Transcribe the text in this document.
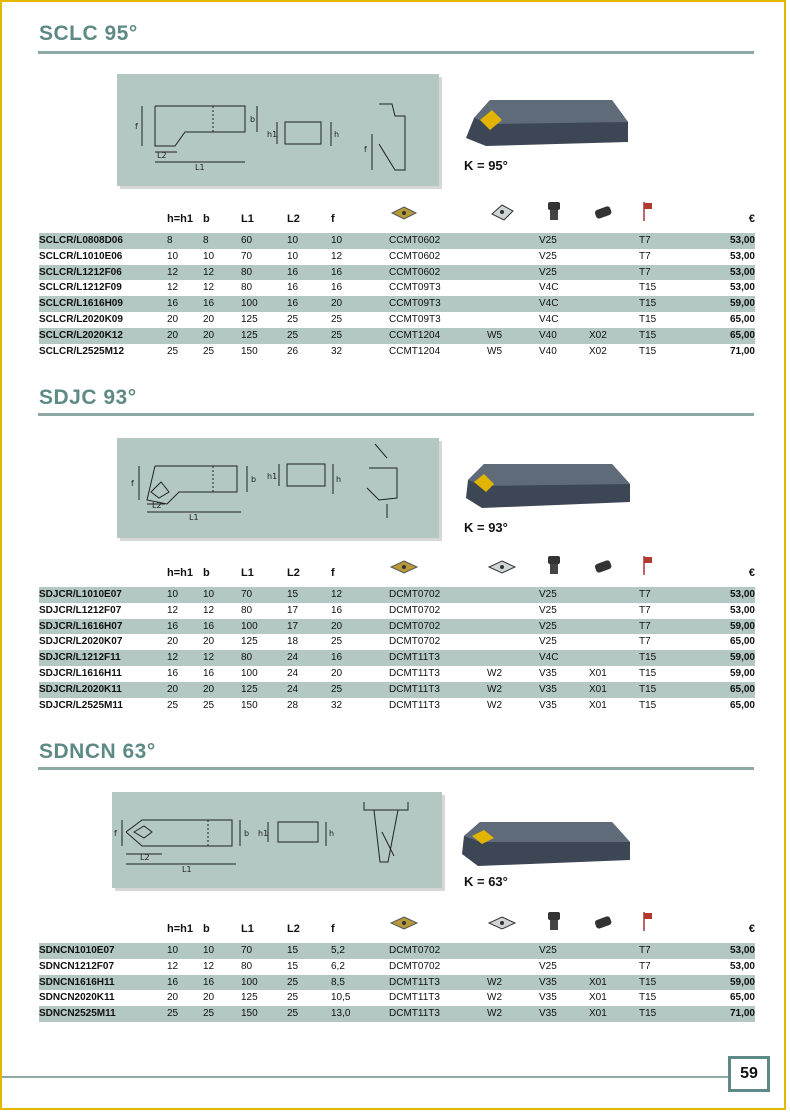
SCLC 95°
f
L2
L1
b
h1	h
f
K = 95°
	h=h1	b	L1	L2	f						€
SCLCR/L0808D06	8	8	60	10	10	CCMT0602		V25		T7	53,00
SCLCR/L1010E06	10	10	70	10	12	CCMT0602		V25		T7	53,00
SCLCR/L1212F06	12	12	80	16	16	CCMT0602		V25		T7	53,00
SCLCR/L1212F09	12	12	80	16	16	CCMT09T3		V4C		T15	53,00
SCLCR/L1616H09	16	16	100	16	20	CCMT09T3		V4C		T15	59,00
SCLCR/L2020K09	20	20	125	25	25	CCMT09T3		V4C		T15	65,00
SCLCR/L2020K12	20	20	125	25	25	CCMT1204	W5	V40	X02	T15	65,00
SCLCR/L2525M12	25	25	150	26	32	CCMT1204	W5	V40	X02	T15	71,00
SDJC 93°
f
L2
L1
b h1	h
K = 93°
	h=h1	b	L1	L2	f						€
SDJCR/L1010E07	10	10	70	15	12	DCMT0702		V25		T7	53,00
SDJCR/L1212F07	12	12	80	17	16	DCMT0702		V25		T7	53,00
SDJCR/L1616H07	16	16	100	17	20	DCMT0702		V25		T7	59,00
SDJCR/L2020K07	20	20	125	18	25	DCMT0702		V25		T7	65,00
SDJCR/L1212F11	12	12	80	24	16	DCMT11T3		V4C		T15	59,00
SDJCR/L1616H11	16	16	100	24	20	DCMT11T3	W2	V35	X01	T15	59,00
SDJCR/L2020K11	20	20	125	24	25	DCMT11T3	W2	V35	X01	T15	65,00
SDJCR/L2525M11	25	25	150	28	32	DCMT11T3	W2	V35	X01	T15	65,00
SDNCN 63°
f
L2
L1
b h1	h
K = 63°
	h=h1	b	L1	L2	f						€
SDNCN1010E07	10	10	70	15	5,2	DCMT0702		V25		T7	53,00
SDNCN1212F07	12	12	80	15	6,2	DCMT0702		V25		T7	53,00
SDNCN1616H11	16	16	100	25	8,5	DCMT11T3	W2	V35	X01	T15	59,00
SDNCN2020K11	20	20	125	25	10,5	DCMT11T3	W2	V35	X01	T15	65,00
SDNCN2525M11	25	25	150	25	13,0	DCMT11T3	W2	V35	X01	T15	71,00
59
